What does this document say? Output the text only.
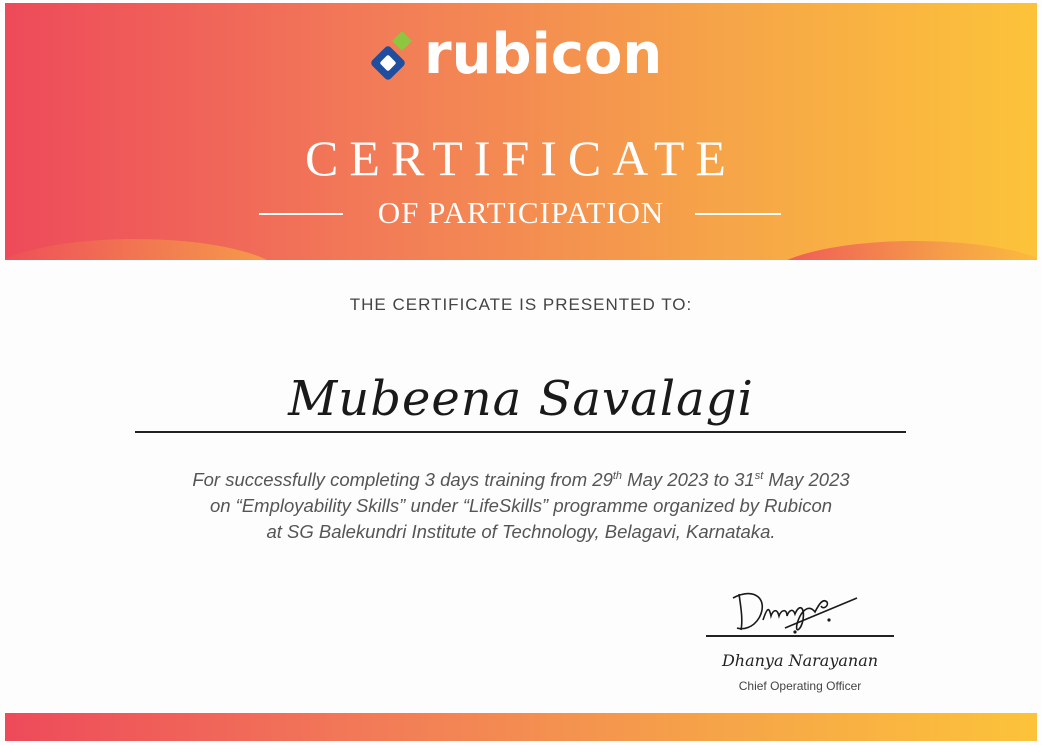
rubicon
CERTIFICATE
OF PARTICIPATION
THE CERTIFICATE IS PRESENTED TO:
Mubeena Savalagi
For successfully completing 3 days training from 29th May 2023 to 31st May 2023
on “Employability Skills” under “LifeSkills” programme organized by Rubicon
at SG Balekundri Institute of Technology, Belagavi, Karnataka.
Dhanya Narayanan
Chief Operating Officer
